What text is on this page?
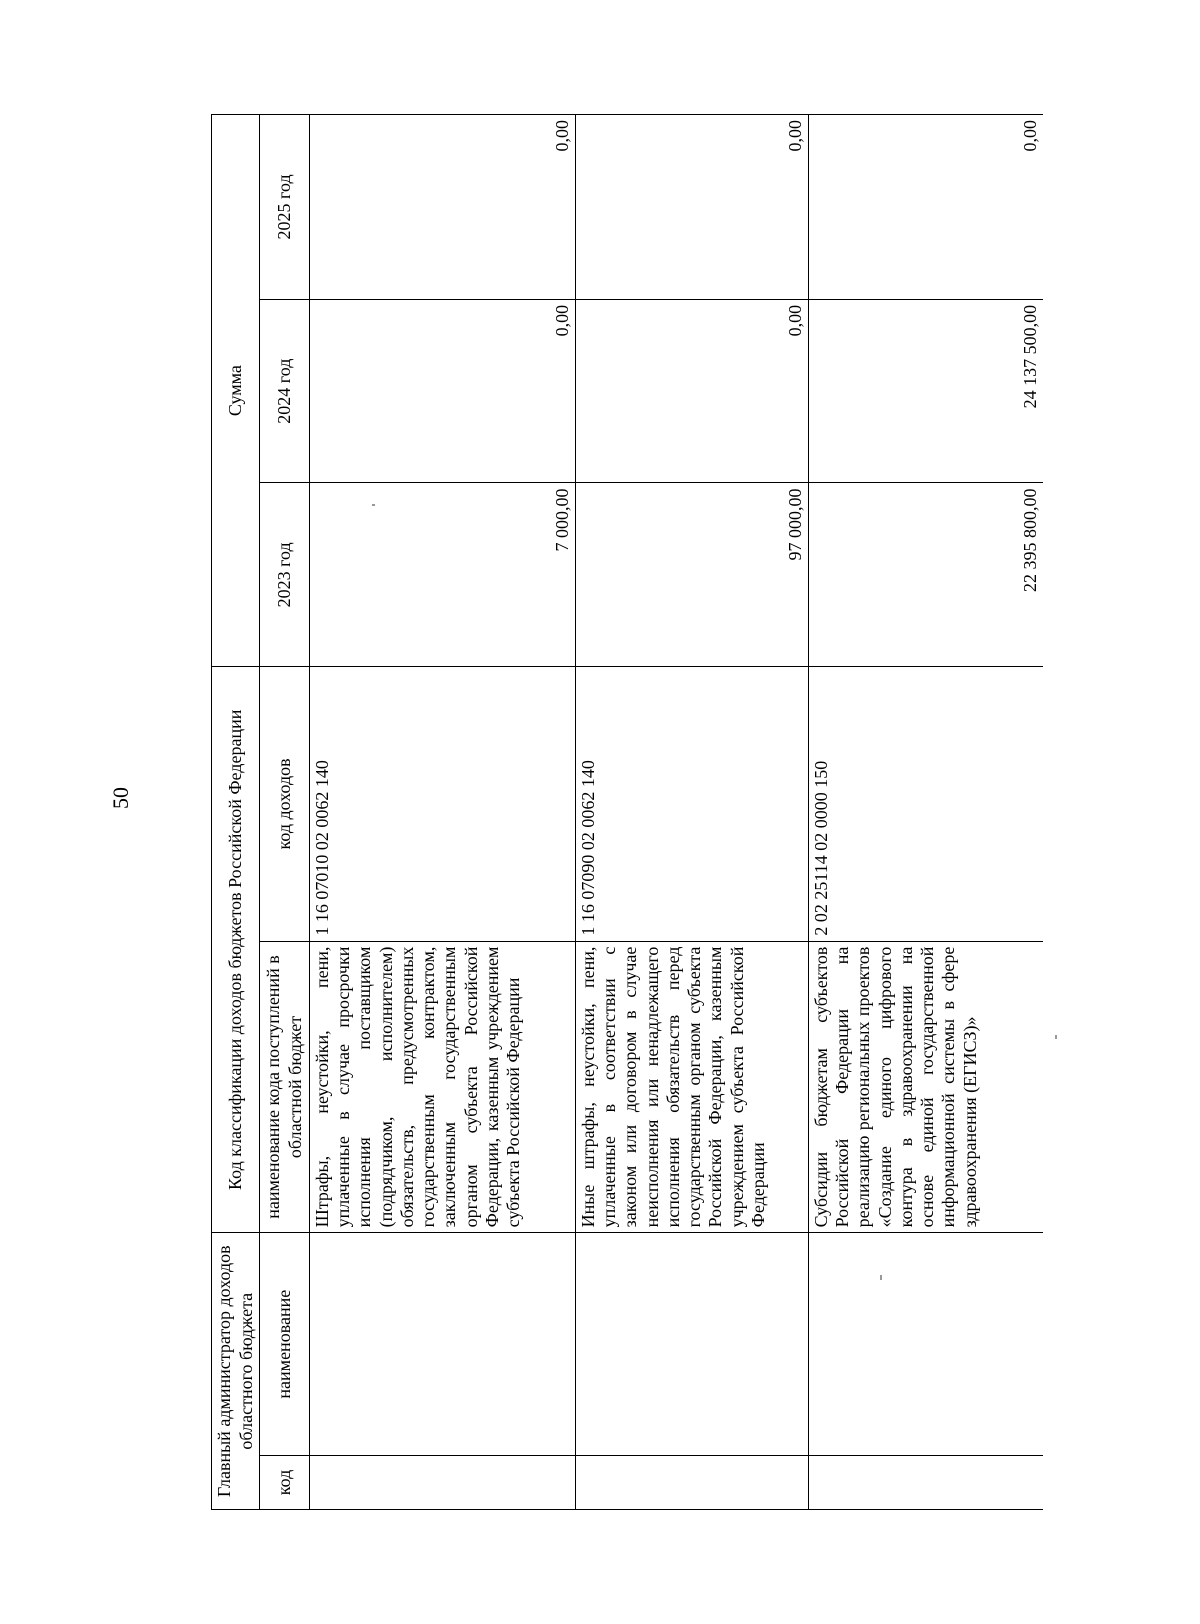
50
Главный администратор доходов областного бюджета		Код классификации доходов бюджетов Российской Федерации		Сумма		
код	наименование	наименование кода поступлений в областной бюджет	код доходов	2023 год	2024 год	2025 год
		Штрафы, неустойки, пени, уплаченные в случае просрочки исполнения поставщиком (подрядчиком, исполнителем) обязательств, предусмотренных государственным контрактом, заключенным государственным органом субъекта Российской Федерации, казенным учреждением субъекта Российской Федерации	1 16 07010 02 0062 140	7 000,00	0,00	0,00
		Иные штрафы, неустойки, пени, уплаченные в соответствии с законом или договором в случае неисполнения или ненадлежащего исполнения обязательств перед государственным органом субъекта Российской Федерации, казенным учреждением субъекта Российской Федерации	1 16 07090 02 0062 140	97 000,00	0,00	0,00
		Субсидии бюджетам субъектов Российской Федерации на реализацию региональных проектов «Создание единого цифрового контура в здравоохранении на основе единой государственной информационной системы в сфере здравоохранения (ЕГИСЗ)»	2 02 25114 02 0000 150	22 395 800,00	24 137 500,00	0,00
